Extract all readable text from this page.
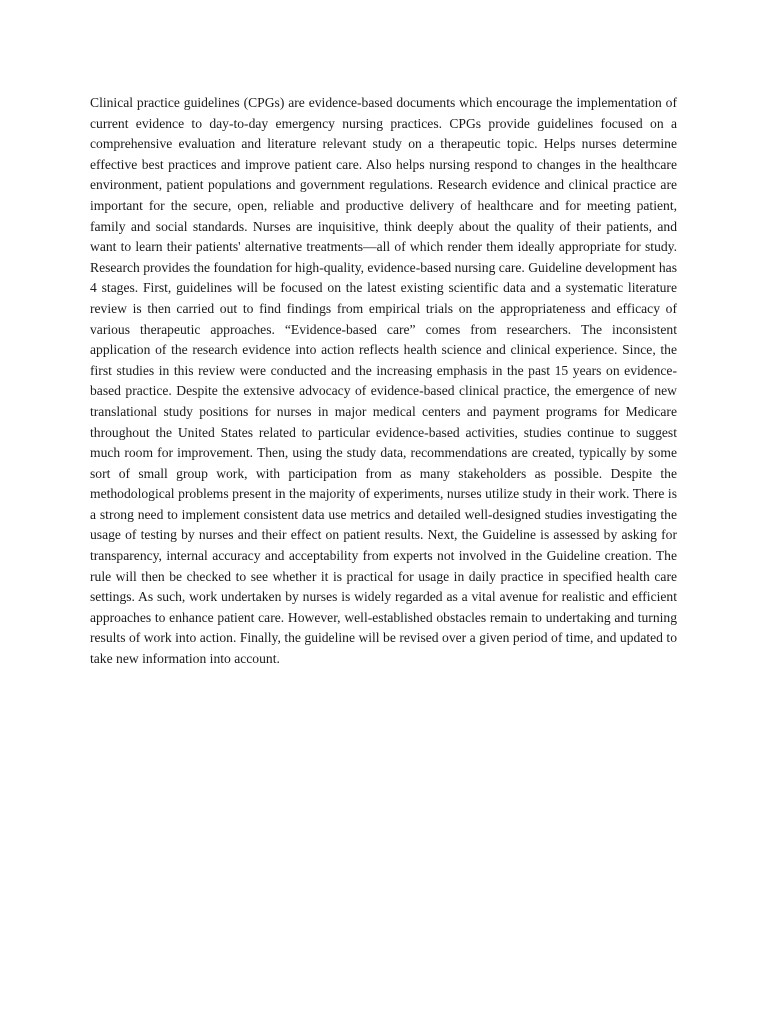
Clinical practice guidelines (CPGs) are evidence-based documents which encourage the implementation of current evidence to day-to-day emergency nursing practices. CPGs provide guidelines focused on a comprehensive evaluation and literature relevant study on a therapeutic topic. Helps nurses determine effective best practices and improve patient care. Also helps nursing respond to changes in the healthcare environment, patient populations and government regulations. Research evidence and clinical practice are important for the secure, open, reliable and productive delivery of healthcare and for meeting patient, family and social standards. Nurses are inquisitive, think deeply about the quality of their patients, and want to learn their patients' alternative treatments—all of which render them ideally appropriate for study. Research provides the foundation for high-quality, evidence-based nursing care. Guideline development has 4 stages. First, guidelines will be focused on the latest existing scientific data and a systematic literature review is then carried out to find findings from empirical trials on the appropriateness and efficacy of various therapeutic approaches. “Evidence-based care” comes from researchers. The inconsistent application of the research evidence into action reflects health science and clinical experience. Since, the first studies in this review were conducted and the increasing emphasis in the past 15 years on evidence-based practice. Despite the extensive advocacy of evidence-based clinical practice, the emergence of new translational study positions for nurses in major medical centers and payment programs for Medicare throughout the United States related to particular evidence-based activities, studies continue to suggest much room for improvement. Then, using the study data, recommendations are created, typically by some sort of small group work, with participation from as many stakeholders as possible. Despite the methodological problems present in the majority of experiments, nurses utilize study in their work. There is a strong need to implement consistent data use metrics and detailed well-designed studies investigating the usage of testing by nurses and their effect on patient results. Next, the Guideline is assessed by asking for transparency, internal accuracy and acceptability from experts not involved in the Guideline creation. The rule will then be checked to see whether it is practical for usage in daily practice in specified health care settings. As such, work undertaken by nurses is widely regarded as a vital avenue for realistic and efficient approaches to enhance patient care. However, well-established obstacles remain to undertaking and turning results of work into action. Finally, the guideline will be revised over a given period of time, and updated to take new information into account.
